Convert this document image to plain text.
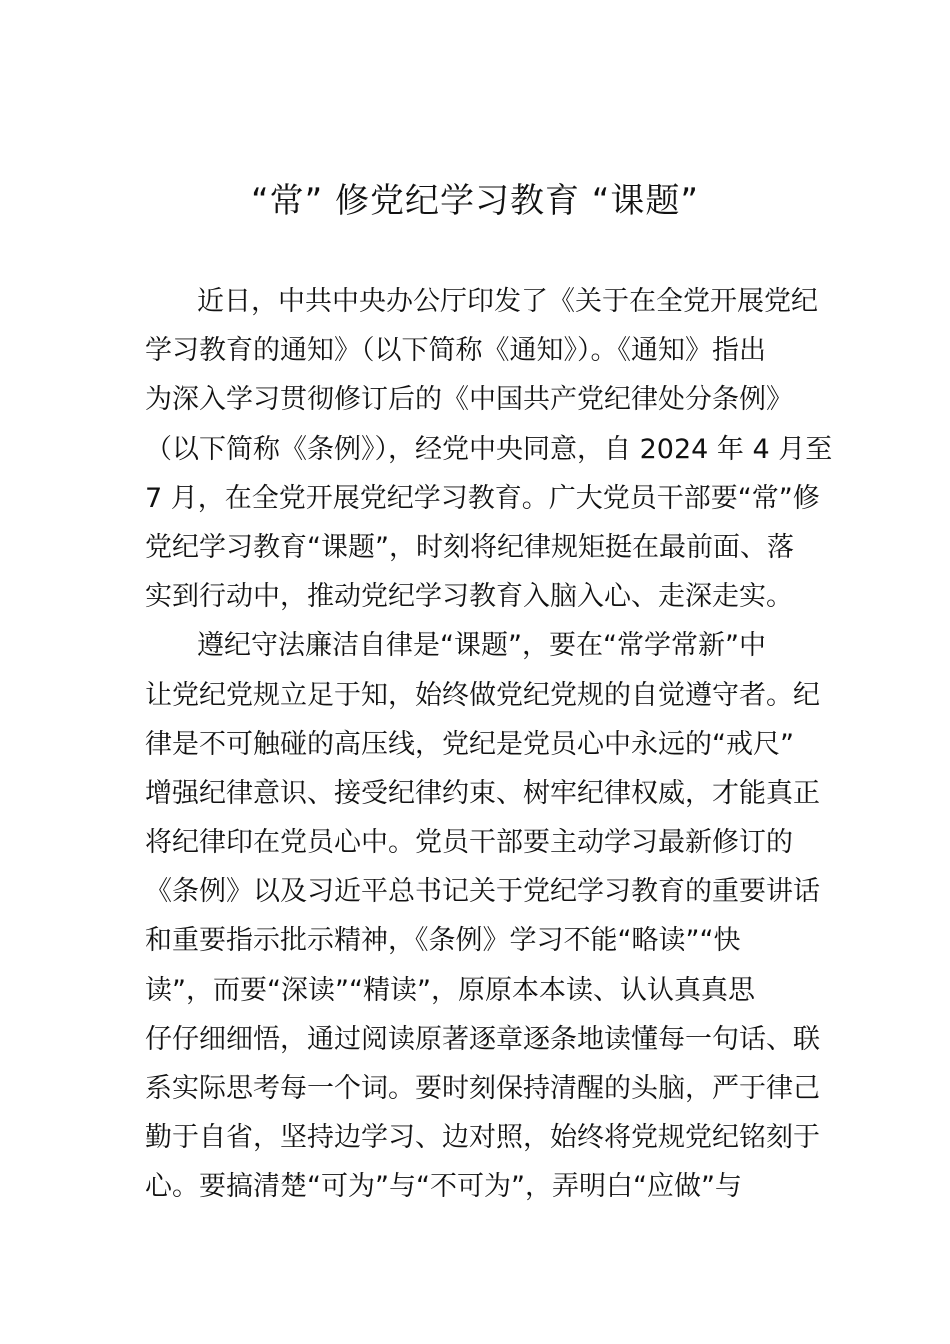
“常” 修党纪学习教育 “课题”
近日，中共中央办公厅印发了《关于在全党开展党纪
学习教育的通知》（以下简称《通知》）。《通知》指出
为深入学习贯彻修订后的《中国共产党纪律处分条例》
（以下简称《条例》），经党中央同意，自 2024 年 4 月至
7 月，在全党开展党纪学习教育。广大党员干部要“常”修
党纪学习教育“课题”，时刻将纪律规矩挺在最前面、落
实到行动中，推动党纪学习教育入脑入心、走深走实。
遵纪守法廉洁自律是“课题”，要在“常学常新”中
让党纪党规立足于知，始终做党纪党规的自觉遵守者。纪
律是不可触碰的高压线，党纪是党员心中永远的“戒尺”
增强纪律意识、接受纪律约束、树牢纪律权威，才能真正
将纪律印在党员心中。党员干部要主动学习最新修订的
《条例》以及习近平总书记关于党纪学习教育的重要讲话
和重要指示批示精神，《条例》学习不能“略读”“快
读”，而要“深读”“精读”，原原本本读、认认真真思
仔仔细细悟，通过阅读原著逐章逐条地读懂每一句话、联
系实际思考每一个词。要时刻保持清醒的头脑，严于律己
勤于自省，坚持边学习、边对照，始终将党规党纪铭刻于
心。要搞清楚“可为”与“不可为”，弄明白“应做”与
